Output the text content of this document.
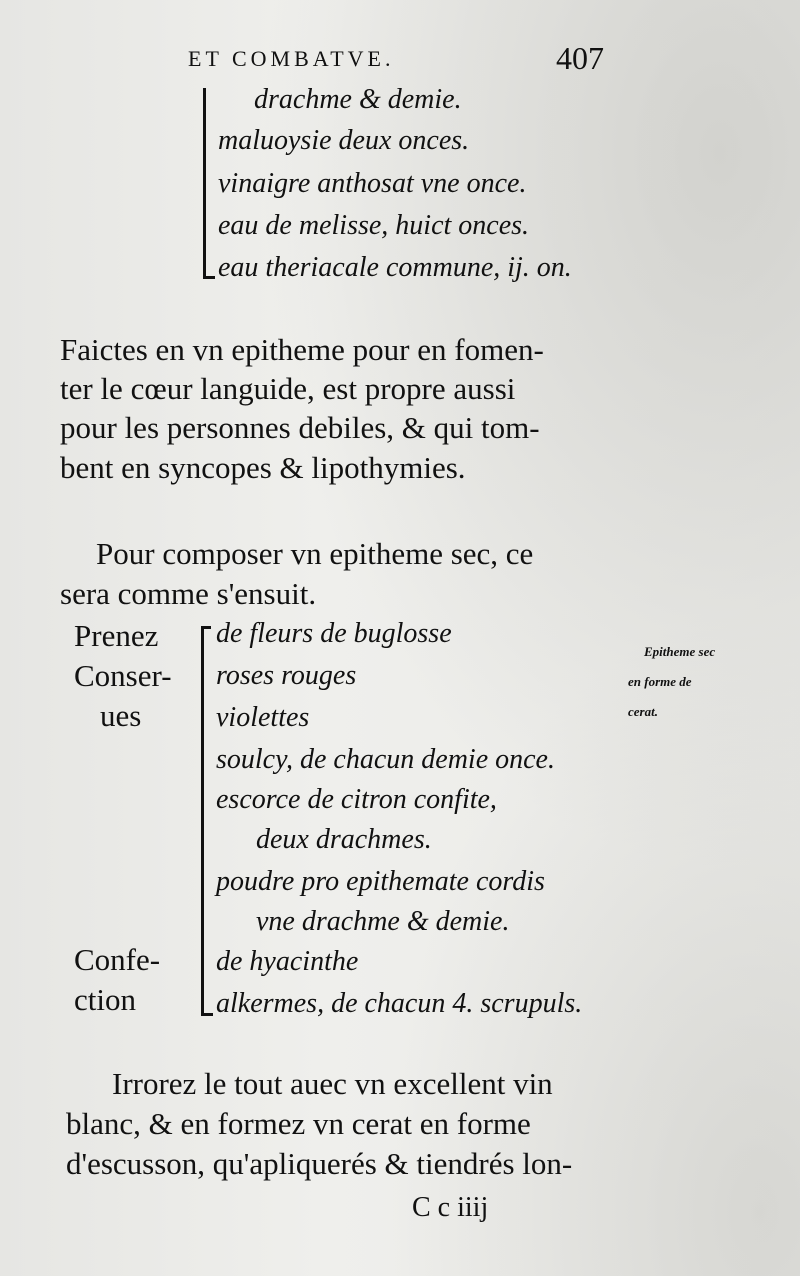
ET COMBATVE.	407
drachme & demie.
maluoysie deux onces.
vinaigre anthosat vne once.
eau de melisse, huict onces.
eau theriacale commune, ij. on.
Faictes en vn epitheme pour en fomen-
ter le cœur languide, est propre aussi
pour les personnes debiles, & qui tom-
bent en syncopes & lipothymies.
Pour composer vn epitheme sec, ce
sera comme s'ensuit.
Prenez
Conser-
ues
Confe-
ction
de fleurs de buglosse
roses rouges
violettes
soulcy, de chacun demie once.
escorce de citron confite,
deux drachmes.
poudre pro epithemate cordis
vne drachme & demie.
de hyacinthe
alkermes, de chacun 4. scrupuls.
Epitheme sec
en forme de
cerat.
Irrorez le tout auec vn excellent vin
blanc, & en formez vn cerat en forme
d'escusson, qu'apliquerés & tiendrés lon-
C c iiij
